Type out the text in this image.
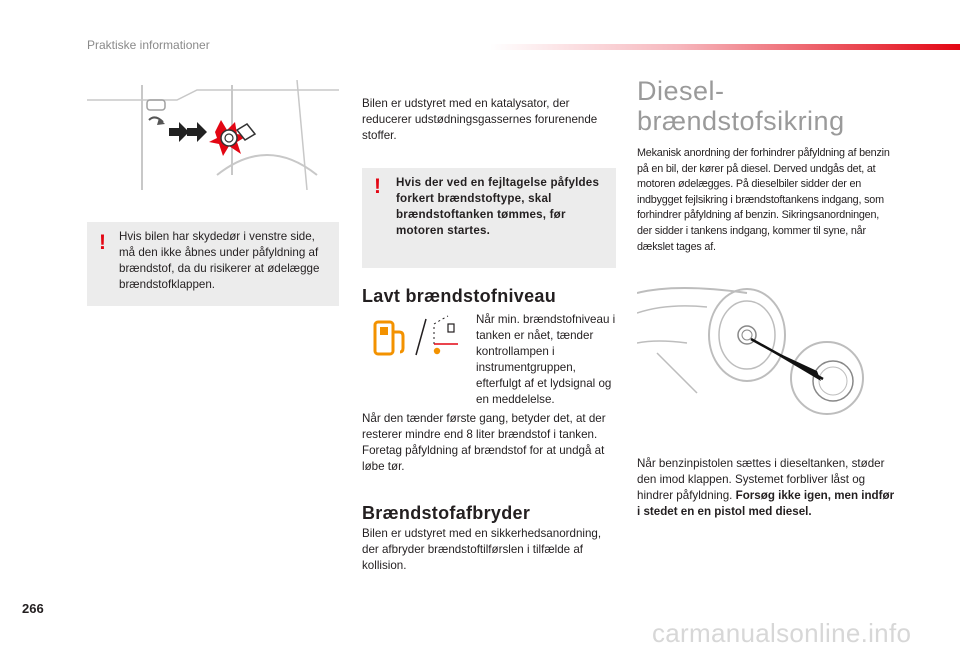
Praktiske informationer
! Hvis bilen har skydedør i venstre side, må den ikke åbnes under påfyldning af brændstof, da du risikerer at ødelægge brændstofklappen.
Bilen er udstyret med en katalysator, der reducerer udstødningsgassernes forurenende stoffer.
! Hvis der ved en fejltagelse påfyldes forkert brændstoftype, skal brændstoftanken tømmes, før motoren startes.
Lavt brændstofniveau
Når min. brændstofniveau i tanken er nået, tænder kontrollampen i instrumentgruppen, efterfulgt af et lydsignal og en meddelelse.
Når den tænder første gang, betyder det, at der resterer mindre end 8 liter brændstof i tanken. Foretag påfyldning af brændstof for at undgå at løbe tør.
Brændstofafbryder
Bilen er udstyret med en sikkerhedsanordning, der afbryder brændstoftilførslen i tilfælde af kollision.
Diesel-
brændstofsikring
Mekanisk anordning der forhindrer påfyldning af benzin på en bil, der kører på diesel. Derved undgås det, at motoren ødelægges. På dieselbiler sidder der en indbygget fejlsikring i brændstoftankens indgang, som forhindrer påfyldning af benzin. Sikringsanordningen, der sidder i tankens indgang, kommer til syne, når dækslet tages af.
Når benzinpistolen sættes i dieseltanken, støder den imod klappen. Systemet forbliver låst og hindrer påfyldning. Forsøg ikke igen, men indfør i stedet en en pistol med diesel.
266
carmanualsonline.info
